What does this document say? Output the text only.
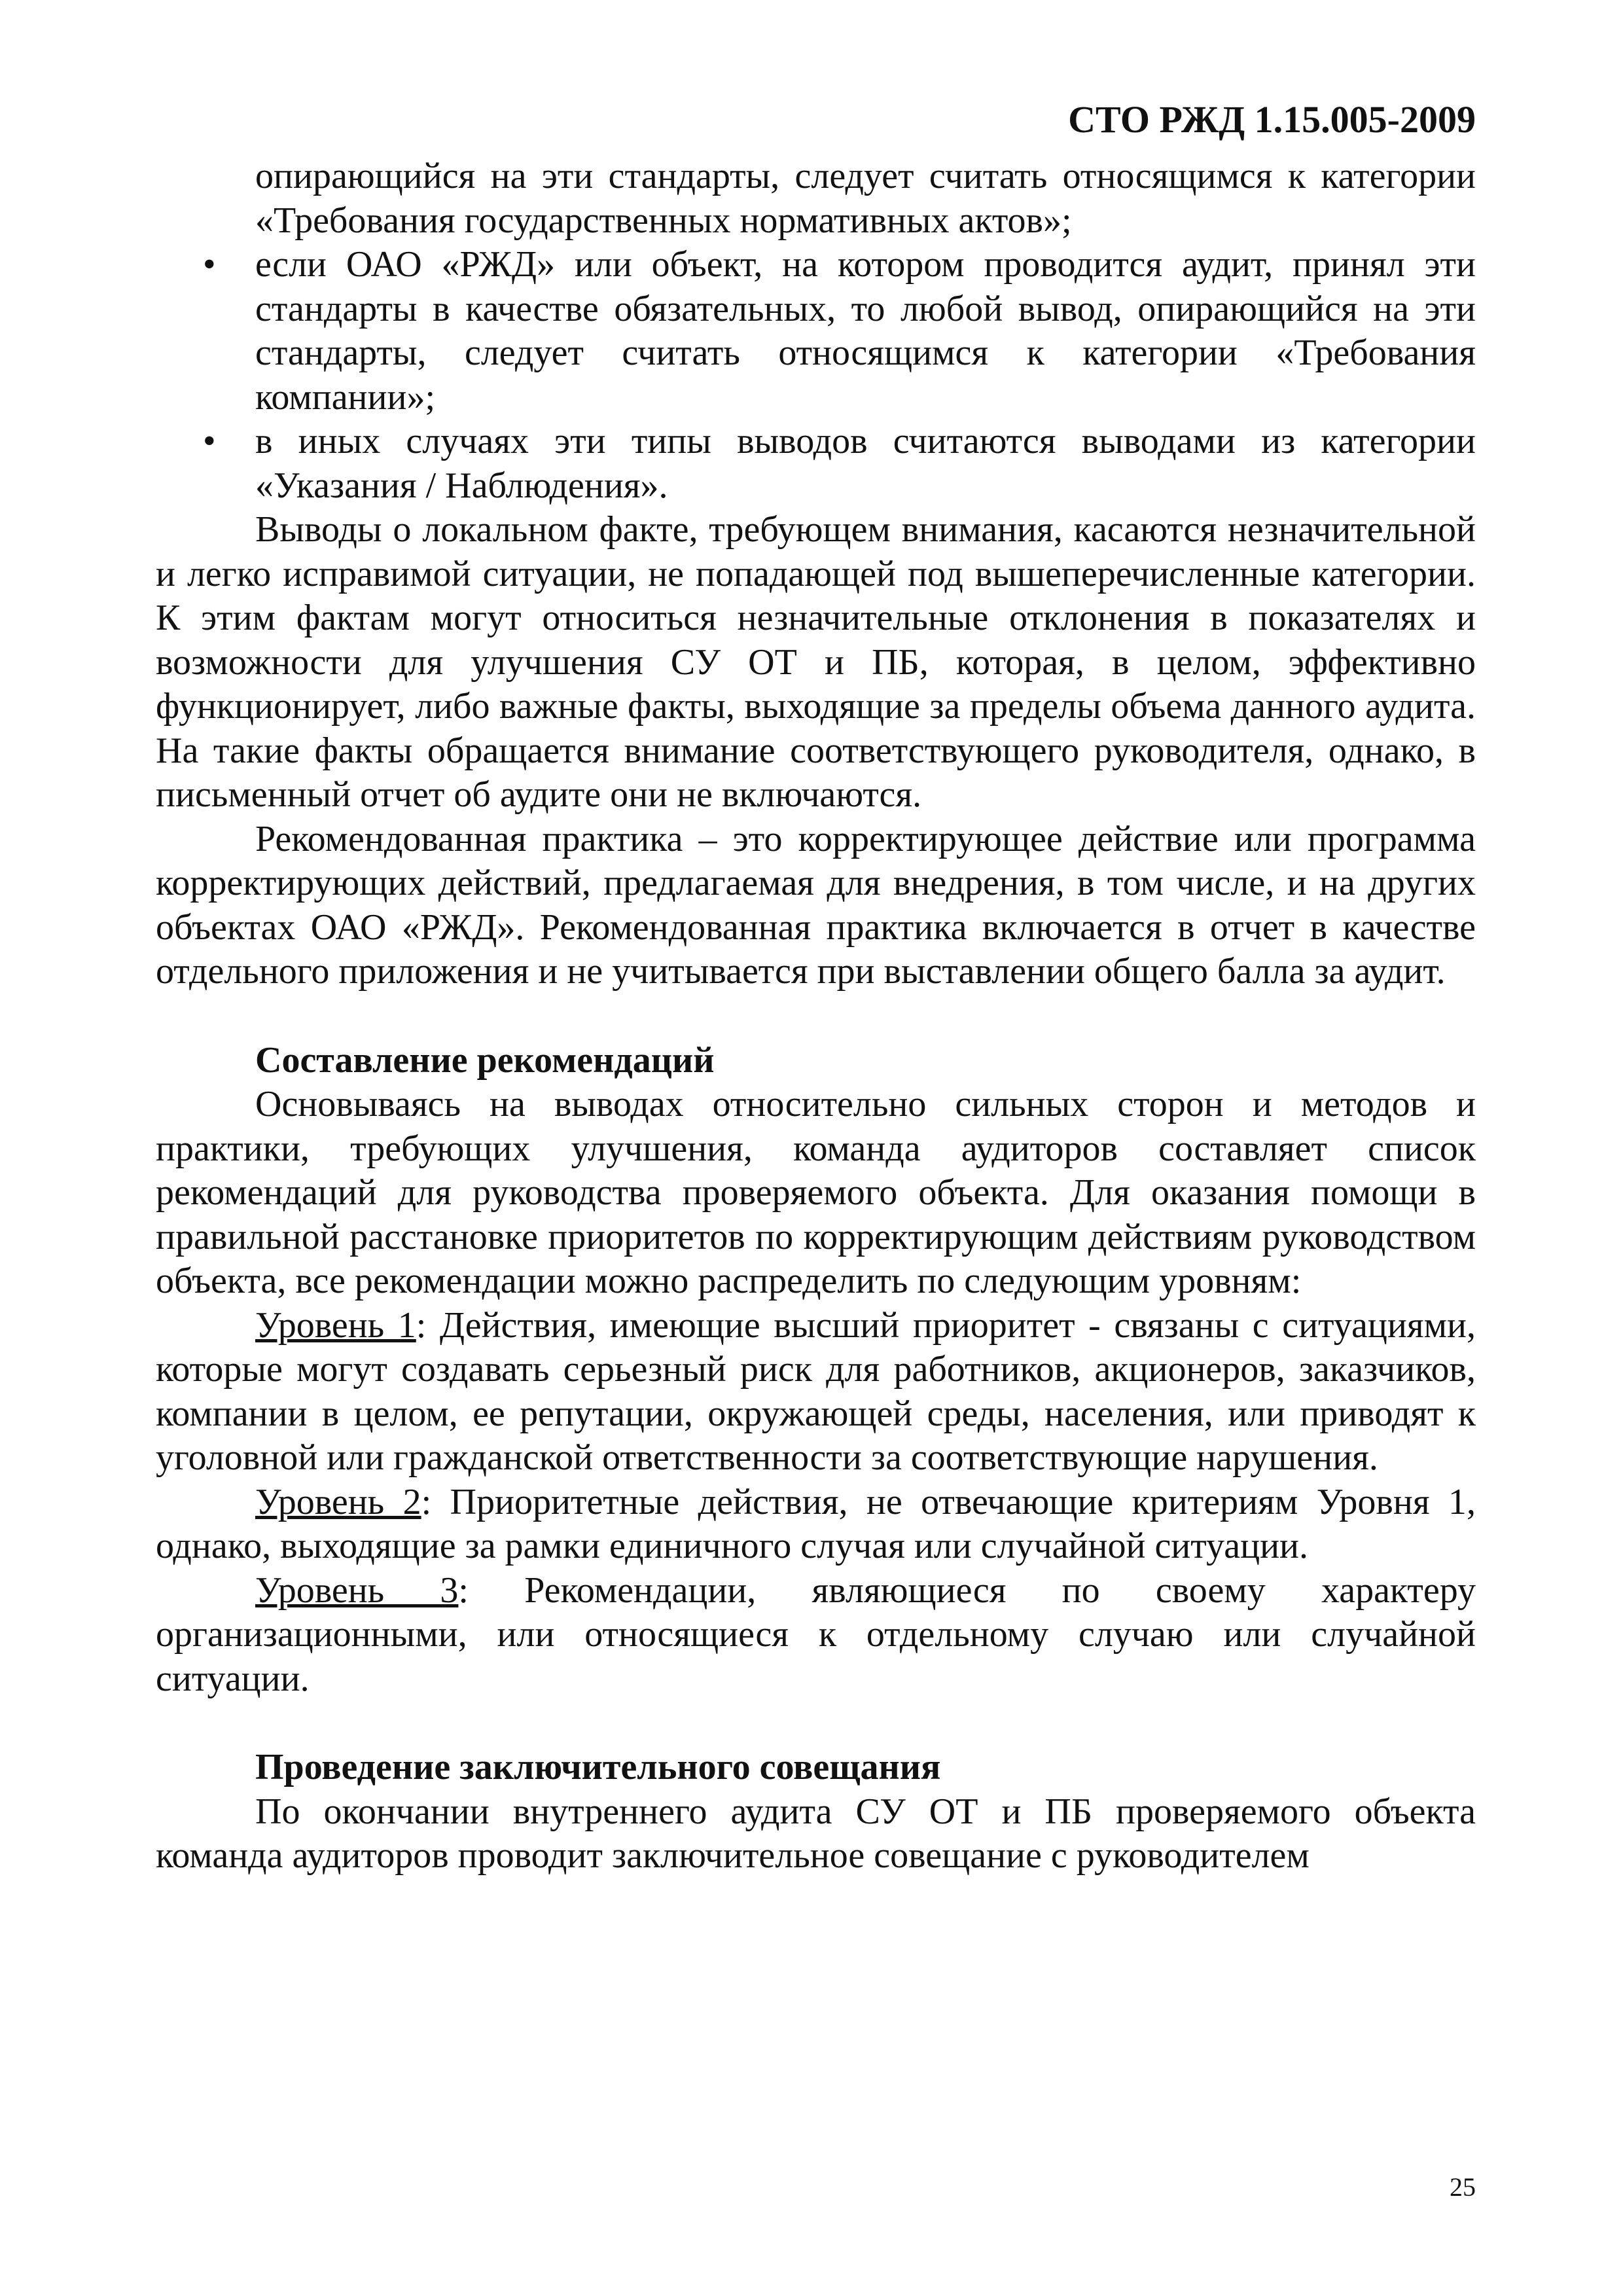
СТО РЖД 1.15.005-2009

опирающийся на эти стандарты, следует считать относящимся к категории «Требования государственных нормативных актов»;

• если ОАО «РЖД» или объект, на котором проводится аудит, принял эти стандарты в качестве обязательных, то любой вывод, опирающийся на эти стандарты, следует считать относящимся к категории «Требования компании»;

• в иных случаях эти типы выводов считаются выводами из категории «Указания / Наблюдения».

Выводы о локальном факте, требующем внимания, касаются незначительной и легко исправимой ситуации, не попадающей под вышеперечисленные категории. К этим фактам могут относиться незначительные отклонения в показателях и возможности для улучшения СУ ОТ и ПБ, которая, в целом, эффективно функционирует, либо важные факты, выходящие за пределы объема данного аудита. На такие факты обращается внимание соответствующего руководителя, однако, в письменный отчет об аудите они не включаются.

Рекомендованная практика – это корректирующее действие или программа корректирующих действий, предлагаемая для внедрения, в том числе, и на других объектах ОАО «РЖД». Рекомендованная практика включается в отчет в качестве отдельного приложения и не учитывается при выставлении общего балла за аудит.

Составление рекомендаций

Основываясь на выводах относительно сильных сторон и методов и практики, требующих улучшения, команда аудиторов составляет список рекомендаций для руководства проверяемого объекта. Для оказания помощи в правильной расстановке приоритетов по корректирующим действиям руководством объекта, все рекомендации можно распределить по следующим уровням:

Уровень 1: Действия, имеющие высший приоритет - связаны с ситуациями, которые могут создавать серьезный риск для работников, акционеров, заказчиков, компании в целом, ее репутации, окружающей среды, населения, или приводят к уголовной или гражданской ответственности за соответствующие нарушения.

Уровень 2: Приоритетные действия, не отвечающие критериям Уровня 1, однако, выходящие за рамки единичного случая или случайной ситуации.

Уровень 3: Рекомендации, являющиеся по своему характеру организационными, или относящиеся к отдельному случаю или случайной ситуации.

Проведение заключительного совещания

По окончании внутреннего аудита СУ ОТ и ПБ проверяемого объекта команда аудиторов проводит заключительное совещание с руководителем

25
